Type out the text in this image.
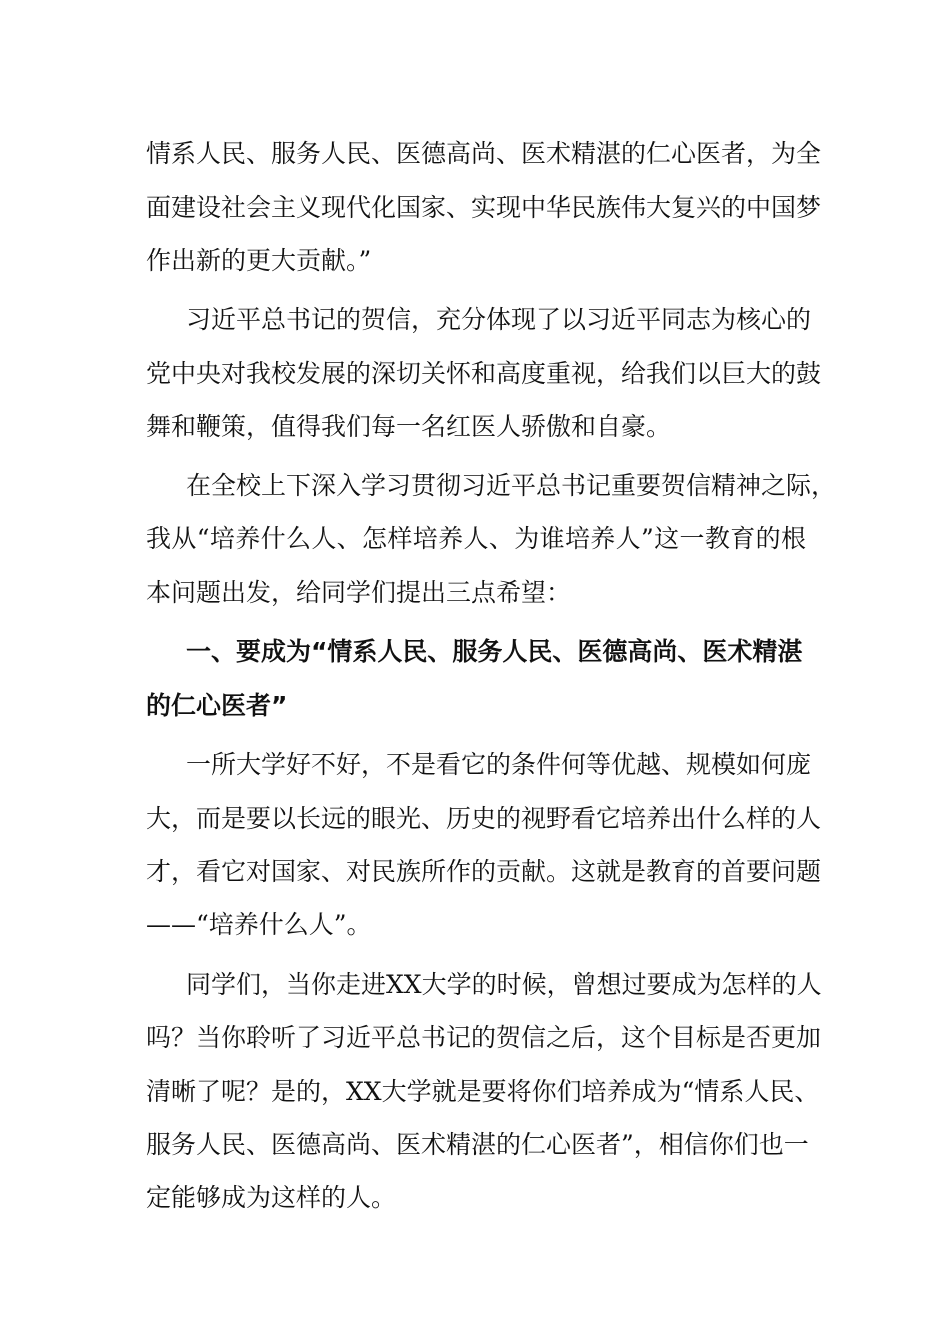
情系人民、服务人民、医德高尚、医术精湛的仁心医者，为全
面建设社会主义现代化国家、实现中华民族伟大复兴的中国梦
作出新的更大贡献。”
习近平总书记的贺信，充分体现了以习近平同志为核心的
党中央对我校发展的深切关怀和高度重视，给我们以巨大的鼓
舞和鞭策，值得我们每一名红医人骄傲和自豪。
在全校上下深入学习贯彻习近平总书记重要贺信精神之际，
我从“培养什么人、怎样培养人、为谁培养人”这一教育的根
本问题出发，给同学们提出三点希望：
一、要成为“情系人民、服务人民、医德高尚、医术精湛
的仁心医者”
一所大学好不好，不是看它的条件何等优越、规模如何庞
大，而是要以长远的眼光、历史的视野看它培养出什么样的人
才，看它对国家、对民族所作的贡献。这就是教育的首要问题
——“培养什么人”。
同学们，当你走进XX大学的时候，曾想过要成为怎样的人
吗？当你聆听了习近平总书记的贺信之后，这个目标是否更加
清晰了呢？是的，XX大学就是要将你们培养成为“情系人民、
服务人民、医德高尚、医术精湛的仁心医者”，相信你们也一
定能够成为这样的人。
